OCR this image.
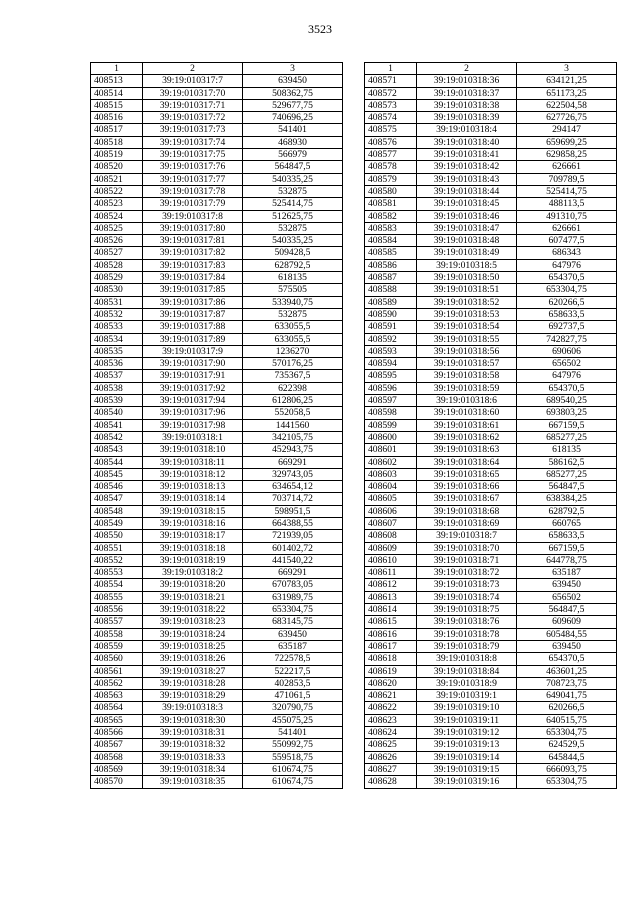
3523
1	2	3
408513	39:19:010317:7	639450
408514	39:19:010317:70	508362,75
408515	39:19:010317:71	529677,75
408516	39:19:010317:72	740696,25
408517	39:19:010317:73	541401
408518	39:19:010317:74	468930
408519	39:19:010317:75	566979
408520	39:19:010317:76	564847,5
408521	39:19:010317:77	540335,25
408522	39:19:010317:78	532875
408523	39:19:010317:79	525414,75
408524	39:19:010317:8	512625,75
408525	39:19:010317:80	532875
408526	39:19:010317:81	540335,25
408527	39:19:010317:82	509428,5
408528	39:19:010317:83	628792,5
408529	39:19:010317:84	618135
408530	39:19:010317:85	575505
408531	39:19:010317:86	533940,75
408532	39:19:010317:87	532875
408533	39:19:010317:88	633055,5
408534	39:19:010317:89	633055,5
408535	39:19:010317:9	1236270
408536	39:19:010317:90	570176,25
408537	39:19:010317:91	735367,5
408538	39:19:010317:92	622398
408539	39:19:010317:94	612806,25
408540	39:19:010317:96	552058,5
408541	39:19:010317:98	1441560
408542	39:19:010318:1	342105,75
408543	39:19:010318:10	452943,75
408544	39:19:010318:11	669291
408545	39:19:010318:12	329743,05
408546	39:19:010318:13	634654,12
408547	39:19:010318:14	703714,72
408548	39:19:010318:15	598951,5
408549	39:19:010318:16	664388,55
408550	39:19:010318:17	721939,05
408551	39:19:010318:18	601402,72
408552	39:19:010318:19	441540,22
408553	39:19:010318:2	669291
408554	39:19:010318:20	670783,05
408555	39:19:010318:21	631989,75
408556	39:19:010318:22	653304,75
408557	39:19:010318:23	683145,75
408558	39:19:010318:24	639450
408559	39:19:010318:25	635187
408560	39:19:010318:26	722578,5
408561	39:19:010318:27	522217,5
408562	39:19:010318:28	402853,5
408563	39:19:010318:29	471061,5
408564	39:19:010318:3	320790,75
408565	39:19:010318:30	455075,25
408566	39:19:010318:31	541401
408567	39:19:010318:32	550992,75
408568	39:19:010318:33	559518,75
408569	39:19:010318:34	610674,75
408570	39:19:010318:35	610674,75
1	2	3
408571	39:19:010318:36	634121,25
408572	39:19:010318:37	651173,25
408573	39:19:010318:38	622504,58
408574	39:19:010318:39	627726,75
408575	39:19:010318:4	294147
408576	39:19:010318:40	659699,25
408577	39:19:010318:41	629858,25
408578	39:19:010318:42	626661
408579	39:19:010318:43	709789,5
408580	39:19:010318:44	525414,75
408581	39:19:010318:45	488113,5
408582	39:19:010318:46	491310,75
408583	39:19:010318:47	626661
408584	39:19:010318:48	607477,5
408585	39:19:010318:49	686343
408586	39:19:010318:5	647976
408587	39:19:010318:50	654370,5
408588	39:19:010318:51	653304,75
408589	39:19:010318:52	620266,5
408590	39:19:010318:53	658633,5
408591	39:19:010318:54	692737,5
408592	39:19:010318:55	742827,75
408593	39:19:010318:56	690606
408594	39:19:010318:57	656502
408595	39:19:010318:58	647976
408596	39:19:010318:59	654370,5
408597	39:19:010318:6	689540,25
408598	39:19:010318:60	693803,25
408599	39:19:010318:61	667159,5
408600	39:19:010318:62	685277,25
408601	39:19:010318:63	618135
408602	39:19:010318:64	586162,5
408603	39:19:010318:65	685277,25
408604	39:19:010318:66	564847,5
408605	39:19:010318:67	638384,25
408606	39:19:010318:68	628792,5
408607	39:19:010318:69	660765
408608	39:19:010318:7	658633,5
408609	39:19:010318:70	667159,5
408610	39:19:010318:71	644778,75
408611	39:19:010318:72	635187
408612	39:19:010318:73	639450
408613	39:19:010318:74	656502
408614	39:19:010318:75	564847,5
408615	39:19:010318:76	609609
408616	39:19:010318:78	605484,55
408617	39:19:010318:79	639450
408618	39:19:010318:8	654370,5
408619	39:19:010318:84	463601,25
408620	39:19:010318:9	708723,75
408621	39:19:010319:1	649041,75
408622	39:19:010319:10	620266,5
408623	39:19:010319:11	640515,75
408624	39:19:010319:12	653304,75
408625	39:19:010319:13	624529,5
408626	39:19:010319:14	645844,5
408627	39:19:010319:15	666093,75
408628	39:19:010319:16	653304,75
